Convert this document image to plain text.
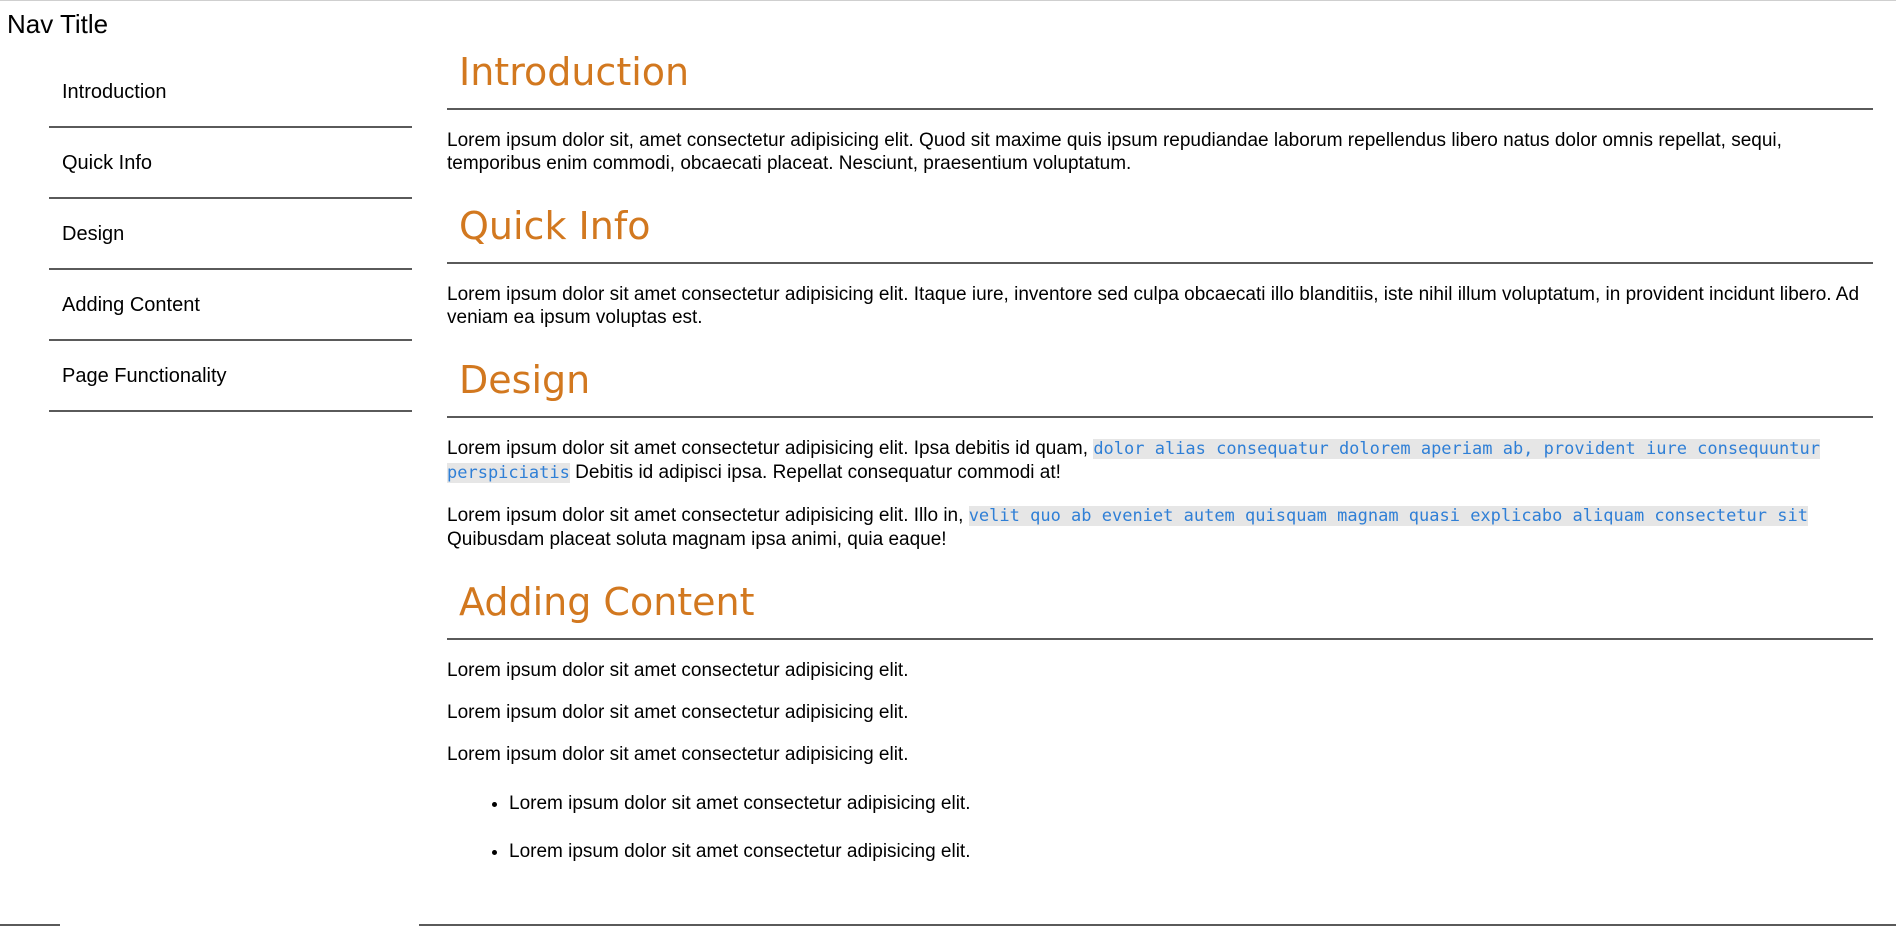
Nav Title
Introduction
Quick Info
Design
Adding Content
Page Functionality
Introduction

Lorem ipsum dolor sit, amet consectetur adipisicing elit. Quod sit maxime quis ipsum repudiandae laborum repellendus libero natus dolor omnis repellat, sequi, temporibus enim commodi, obcaecati placeat. Nesciunt, praesentium voluptatum.

Quick Info

Lorem ipsum dolor sit amet consectetur adipisicing elit. Itaque iure, inventore sed culpa obcaecati illo blanditiis, iste nihil illum voluptatum, in provident incidunt libero. Ad veniam ea ipsum voluptas est.

Design

Lorem ipsum dolor sit amet consectetur adipisicing elit. Ipsa debitis id quam, dolor alias consequatur dolorem aperiam ab, provident iure consequuntur perspiciatis Debitis id adipisci ipsa. Repellat consequatur commodi at!

Lorem ipsum dolor sit amet consectetur adipisicing elit. Illo in, velit quo ab eveniet autem quisquam magnam quasi explicabo aliquam consectetur sit Quibusdam placeat soluta magnam ipsa animi, quia eaque!

Adding Content

Lorem ipsum dolor sit amet consectetur adipisicing elit.

Lorem ipsum dolor sit amet consectetur adipisicing elit.

Lorem ipsum dolor sit amet consectetur adipisicing elit.

• Lorem ipsum dolor sit amet consectetur adipisicing elit.
• Lorem ipsum dolor sit amet consectetur adipisicing elit.
